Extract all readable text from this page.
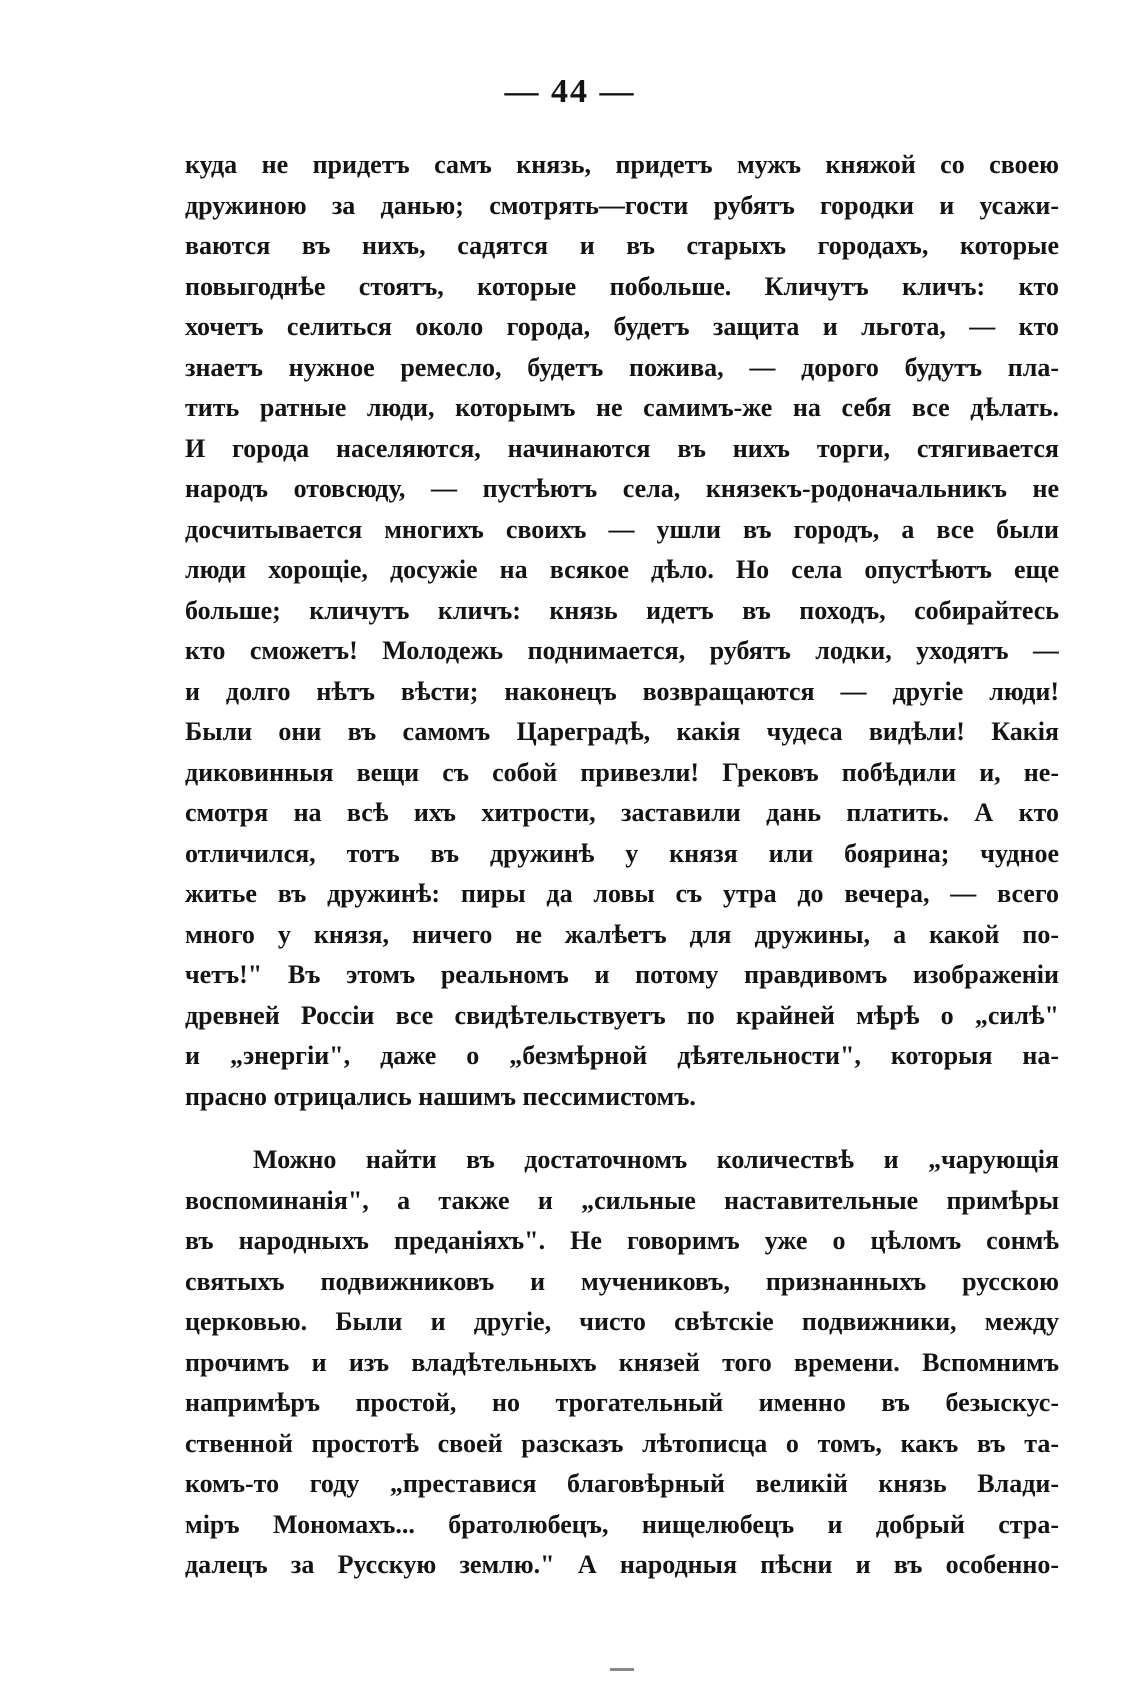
— 44 —
куда не придетъ самъ князь, придетъ мужъ княжой со своею
дружиною за данью; смотрять—гости рубятъ городки и усажи-
ваются въ нихъ, садятся и въ старыхъ городахъ, которые
повыгоднѣе стоятъ, которые побольше. Кличутъ кличъ: кто
хочетъ селиться около города, будетъ защита и льгота, — кто
знаетъ нужное ремесло, будетъ пожива, — дорого будутъ пла-
тить ратные люди, которымъ не самимъ-же на себя все дѣлать.
И города населяются, начинаются въ нихъ торги, стягивается
народъ отовсюду, — пустѣютъ села, князекъ-родоначальникъ не
досчитывается многихъ своихъ — ушли въ городъ, а все были
люди хорощіе, досужіе на всякое дѣло. Но села опустѣютъ еще
больше; кличутъ кличъ: князь идетъ въ походъ, собирайтесь
кто сможетъ! Молодежь поднимается, рубятъ лодки, уходятъ —
и долго нѣтъ вѣсти; наконецъ возвращаются — другіе люди!
Были они въ самомъ Цареградѣ, какія чудеса видѣли! Какія
диковинныя вещи съ собой привезли! Грековъ побѣдили и, не-
смотря на всѣ ихъ хитрости, заставили дань платить. А кто
отличился, тотъ въ дружинѣ у князя или боярина; чудное
житье въ дружинѣ: пиры да ловы съ утра до вечера, — всего
много у князя, ничего не жалѣетъ для дружины, а какой по-
четъ!" Въ этомъ реальномъ и потому правдивомъ изображеніи
древней Россіи все свидѣтельствуетъ по крайней мѣрѣ о „силѣ"
и „энергіи", даже о „безмѣрной дѣятельности", которыя на-
прасно отрицались нашимъ пессимистомъ.
Можно найти въ достаточномъ количествѣ и „чарующія
воспоминанія", а также и „сильные наставительные примѣры
въ народныхъ преданіяхъ". Не говоримъ уже о цѣломъ сонмѣ
святыхъ подвижниковъ и мучениковъ, признанныхъ русскою
церковью. Были и другіе, чисто свѣтскіе подвижники, между
прочимъ и изъ владѣтельныхъ князей того времени. Вспомнимъ
напримѣръ простой, но трогательный именно въ безыскус-
ственной простотѣ своей разсказъ лѣтописца о томъ, какъ въ та-
комъ-то году „преставися благовѣрный великій князь Влади-
міръ Мономахъ... братолюбецъ, нищелюбецъ и добрый стра-
далецъ за Русскую землю." А народныя пѣсни и въ особенно-
